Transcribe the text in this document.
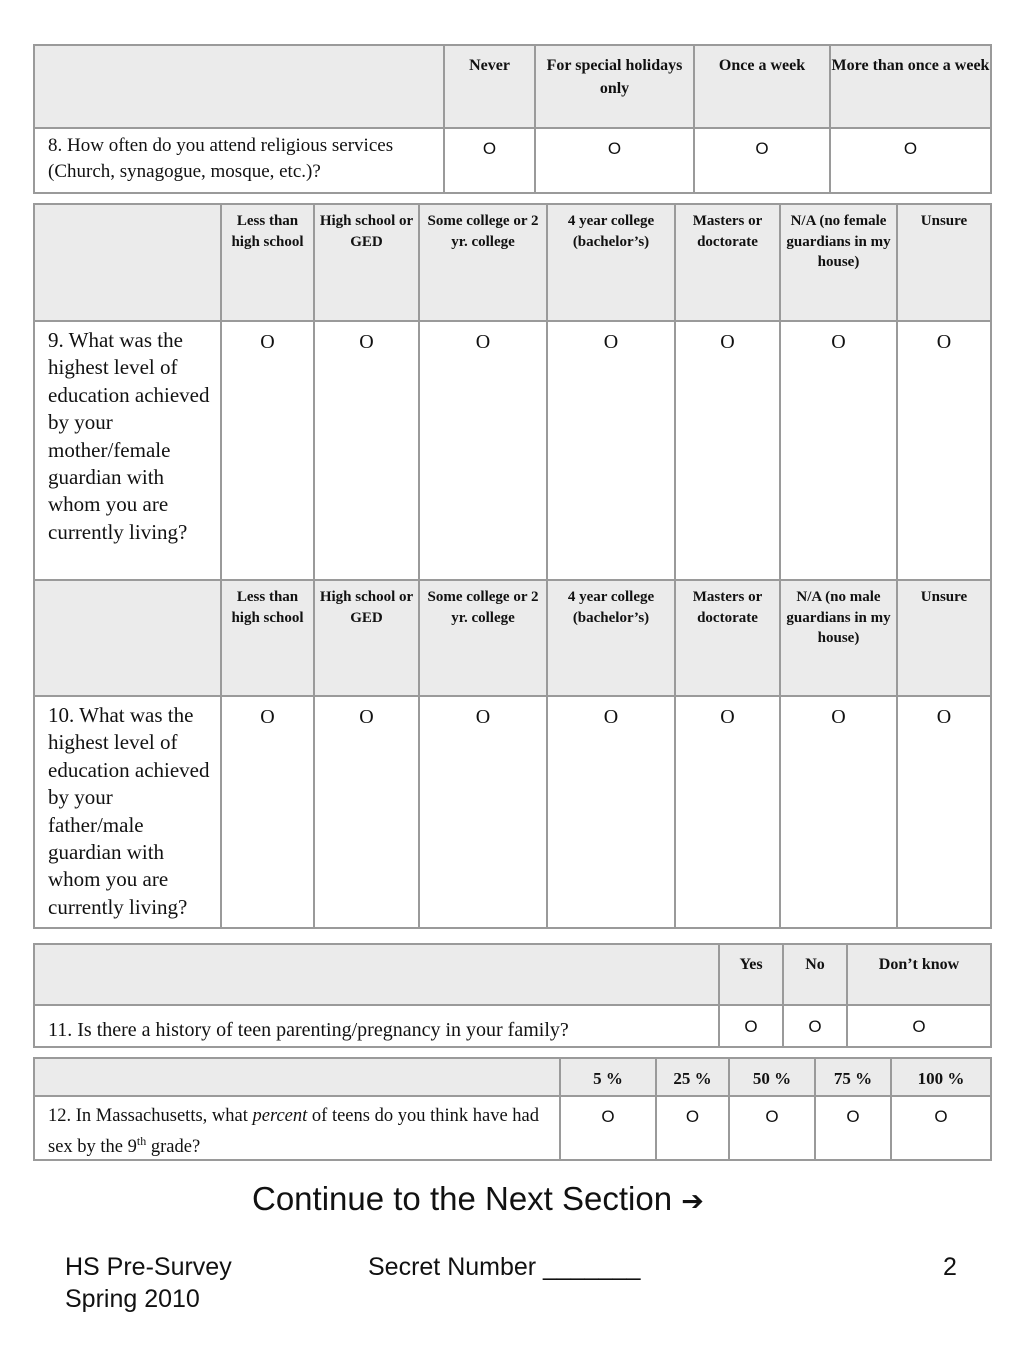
	Never	For special holidays only	Once a week	More than once a week
8. How often do you attend religious services (Church, synagogue, mosque, etc.)?	O	O	O	O
	Less than high school	High school or GED	Some college or 2 yr. college	4 year college (bachelor’s)	Masters or doctorate	N/A (no female guardians in my house)	Unsure
9. What was the highest level of education achieved by your mother/female guardian with whom you are currently living?	O	O	O	O	O	O	O
	Less than high school	High school or GED	Some college or 2 yr. college	4 year college (bachelor’s)	Masters or doctorate	N/A (no male guardians in my house)	Unsure
10. What was the highest level of education achieved by your father/male guardian with whom you are currently living?	O	O	O	O	O	O	O
	Yes	No	Don’t know
11. Is there a history of teen parenting/pregnancy in your family?	O	O	O
	5 %	25 %	50 %	75 %	100 %
12. In Massachusetts, what percent of teens do you think have had sex by the 9th grade?	O	O	O	O	O
Continue to the Next Section ➔
HS Pre-Survey
Spring 2010
Secret Number _______	2
